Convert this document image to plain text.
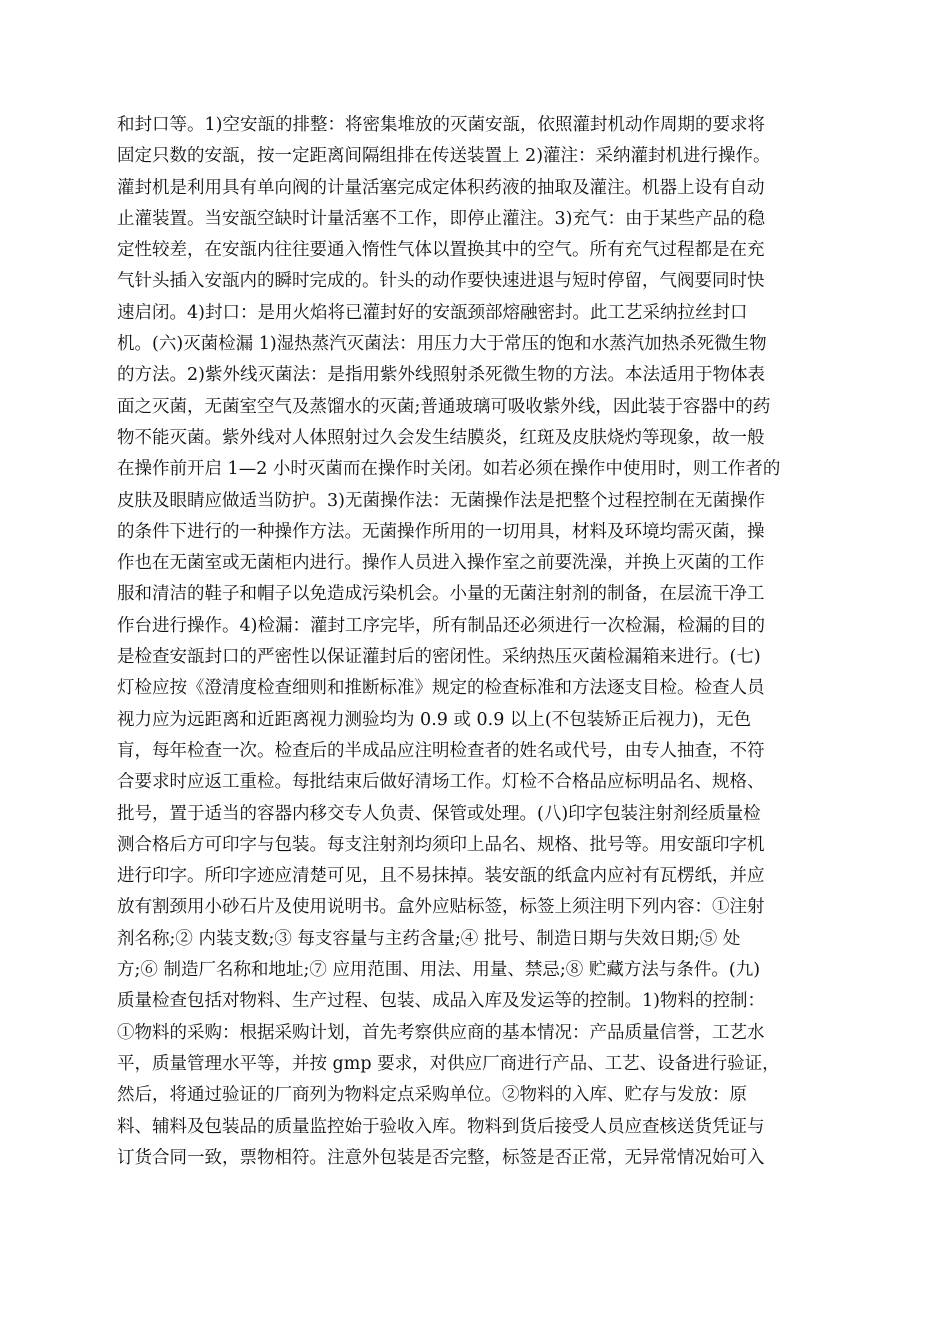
和封口等。1)空安瓿的排整：将密集堆放的灭菌安瓿，依照灌封机动作周期的要求将
固定只数的安瓿，按一定距离间隔组排在传送装置上 2)灌注：采纳灌封机进行操作。
灌封机是利用具有单向阀的计量活塞完成定体积药液的抽取及灌注。机器上设有自动
止灌装置。当安瓿空缺时计量活塞不工作，即停止灌注。3)充气：由于某些产品的稳
定性较差，在安瓿内往往要通入惰性气体以置换其中的空气。所有充气过程都是在充
气针头插入安瓿内的瞬时完成的。针头的动作要快速进退与短时停留，气阀要同时快
速启闭。4)封口：是用火焰将已灌封好的安瓿颈部熔融密封。此工艺采纳拉丝封口
机。(六)灭菌检漏 1)湿热蒸汽灭菌法：用压力大于常压的饱和水蒸汽加热杀死微生物
的方法。2)紫外线灭菌法：是指用紫外线照射杀死微生物的方法。本法适用于物体表
面之灭菌，无菌室空气及蒸馏水的灭菌;普通玻璃可吸收紫外线，因此装于容器中的药
物不能灭菌。紫外线对人体照射过久会发生结膜炎，红斑及皮肤烧灼等现象，故一般
在操作前开启 1—2 小时灭菌而在操作时关闭。如若必须在操作中使用时，则工作者的
皮肤及眼睛应做适当防护。3)无菌操作法：无菌操作法是把整个过程控制在无菌操作
的条件下进行的一种操作方法。无菌操作所用的一切用具，材料及环境均需灭菌，操
作也在无菌室或无菌柜内进行。操作人员进入操作室之前要洗澡，并换上灭菌的工作
服和清洁的鞋子和帽子以免造成污染机会。小量的无菌注射剂的制备，在层流干净工
作台进行操作。4)检漏：灌封工序完毕，所有制品还必须进行一次检漏，检漏的目的
是检查安瓿封口的严密性以保证灌封后的密闭性。采纳热压灭菌检漏箱来进行。(七)
灯检应按《澄清度检查细则和推断标准》规定的检查标准和方法逐支目检。检查人员
视力应为远距离和近距离视力测验均为 0.9 或 0.9 以上(不包装矫正后视力)，无色
肓，每年检查一次。检查后的半成品应注明检查者的姓名或代号，由专人抽查，不符
合要求时应返工重检。每批结束后做好清场工作。灯检不合格品应标明品名、规格、
批号，置于适当的容器内移交专人负责、保管或处理。(八)印字包装注射剂经质量检
测合格后方可印字与包装。每支注射剂均须印上品名、规格、批号等。用安瓿印字机
进行印字。所印字迹应清楚可见，且不易抹掉。装安瓿的纸盒内应衬有瓦楞纸，并应
放有割颈用小砂石片及使用说明书。盒外应贴标签，标签上须注明下列内容：①注射
剂名称;② 内装支数;③ 每支容量与主药含量;④ 批号、制造日期与失效日期;⑤ 处
方;⑥ 制造厂名称和地址;⑦ 应用范围、用法、用量、禁忌;⑧ 贮藏方法与条件。(九)
质量检查包括对物料、生产过程、包装、成品入库及发运等的控制。1)物料的控制：
①物料的采购：根据采购计划，首先考察供应商的基本情况：产品质量信誉，工艺水
平，质量管理水平等，并按 gmp 要求，对供应厂商进行产品、工艺、设备进行验证，
然后，将通过验证的厂商列为物料定点采购单位。②物料的入库、贮存与发放：原
料、辅料及包装品的质量监控始于验收入库。物料到货后接受人员应查核送货凭证与
订货合同一致，票物相符。注意外包装是否完整，标签是否正常，无异常情况始可入
